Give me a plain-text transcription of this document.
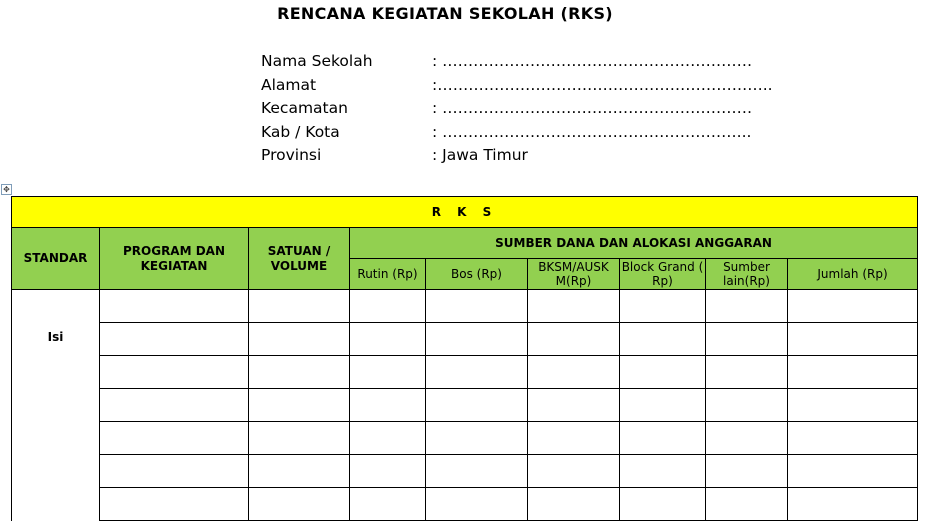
RENCANA KEGIATAN SEKOLAH (RKS)
Nama Sekolah	: ……………………………………………………
Alamat	:………………………………………………………..
Kecamatan	: ……………………………………………………
Kab / Kota	: …………………………………………………...
Provinsi	: Jawa Timur
✥
R K S								
STANDAR	PROGRAM DAN KEGIATAN	SATUAN / VOLUME	SUMBER DANA DAN ALOKASI ANGGARAN					
			Rutin (Rp)	Bos (Rp)	BKSM/AUSK M(Rp)	Block Grand ( Rp)	Sumber lain(Rp)	Jumlah (Rp)
Isi								
